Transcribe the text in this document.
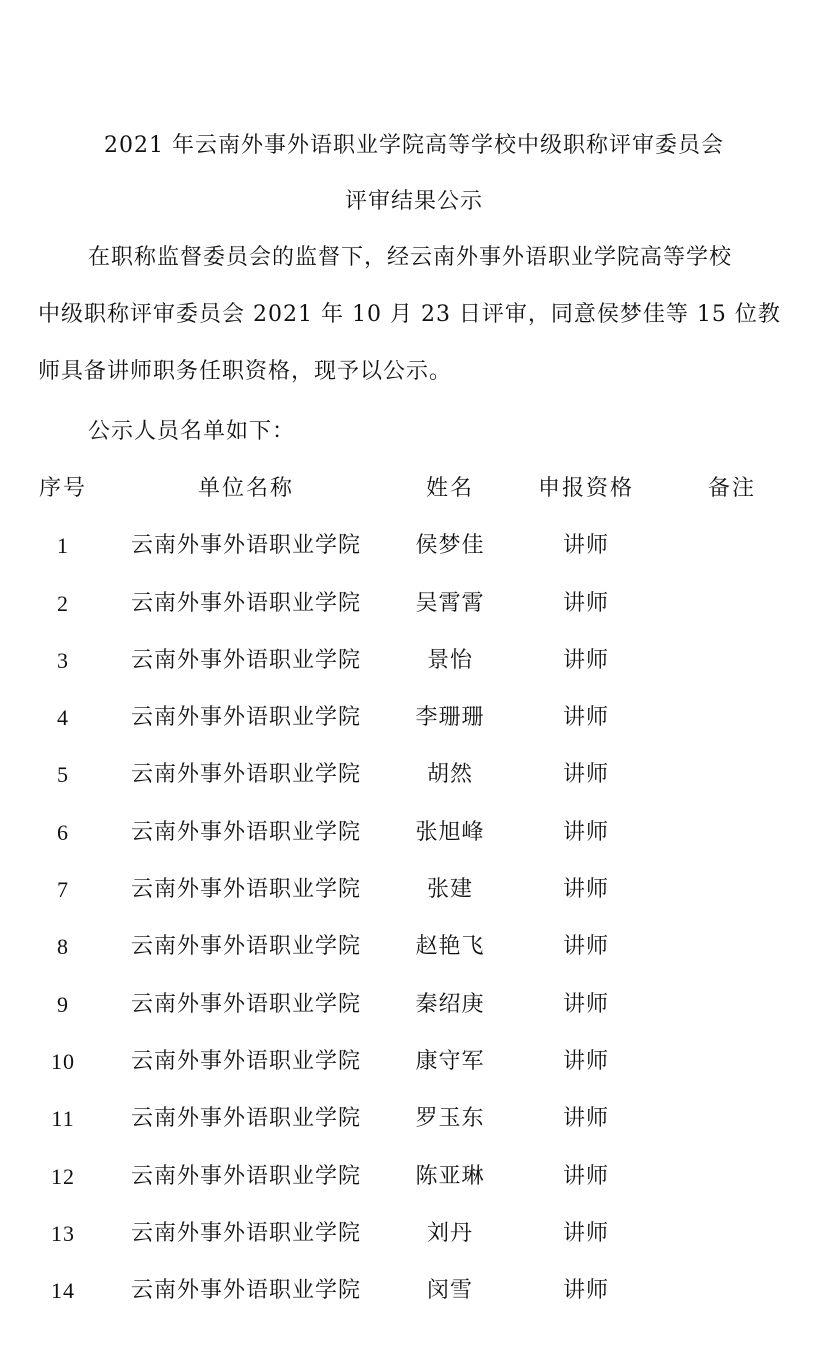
2021 年云南外事外语职业学院高等学校中级职称评审委员会
评审结果公示
在职称监督委员会的监督下，经云南外事外语职业学院高等学校
中级职称评审委员会 2021 年 10 月 23 日评审，同意侯梦佳等 15 位教
师具备讲师职务任职资格，现予以公示。
公示人员名单如下：
序号	单位名称	姓名	申报资格	备注
1	云南外事外语职业学院	侯梦佳	讲师
2	云南外事外语职业学院	吴霄霄	讲师
3	云南外事外语职业学院	景怡	讲师
4	云南外事外语职业学院	李珊珊	讲师
5	云南外事外语职业学院	胡然	讲师
6	云南外事外语职业学院	张旭峰	讲师
7	云南外事外语职业学院	张建	讲师
8	云南外事外语职业学院	赵艳飞	讲师
9	云南外事外语职业学院	秦绍庚	讲师
10	云南外事外语职业学院	康守军	讲师
11	云南外事外语职业学院	罗玉东	讲师
12	云南外事外语职业学院	陈亚琳	讲师
13	云南外事外语职业学院	刘丹	讲师
14	云南外事外语职业学院	闵雪	讲师
